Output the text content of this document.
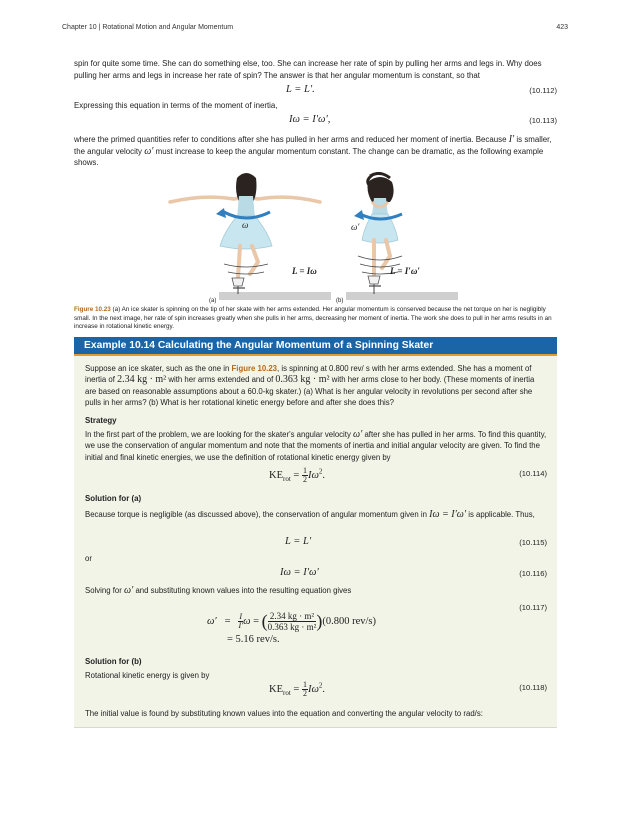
Chapter 10 | Rotational Motion and Angular Momentum	423
spin for quite some time. She can do something else, too. She can increase her rate of spin by pulling her arms and legs in. Why does pulling her arms and legs in increase her rate of spin? The answer is that her angular momentum is constant, so that
L = L′.	(10.112)
Expressing this equation in terms of the moment of inertia,
Iω = I′ω′,	(10.113)
where the primed quantities refer to conditions after she has pulled in her arms and reduced her moment of inertia. Because I′ is smaller, the angular velocity ω′ must increase to keep the angular momentum constant. The change can be dramatic, as the following example shows.
ω
L = Iω
(a)
ω′
L = I′ω′
(b)
Figure 10.23 (a) An ice skater is spinning on the tip of her skate with her arms extended. Her angular momentum is conserved because the net torque on her is negligibly small. In the next image, her rate of spin increases greatly when she pulls in her arms, decreasing her moment of inertia. The work she does to pull in her arms results in an increase in rotational kinetic energy.
Example 10.14 Calculating the Angular Momentum of a Spinning Skater
Suppose an ice skater, such as the one in Figure 10.23, is spinning at 0.800 rev/ s with her arms extended. She has a moment of inertia of 2.34 kg · m² with her arms extended and of 0.363 kg · m² with her arms close to her body. (These moments of inertia are based on reasonable assumptions about a 60.0-kg skater.) (a) What is her angular velocity in revolutions per second after she pulls in her arms? (b) What is her rotational kinetic energy before and after she does this?
Strategy
In the first part of the problem, we are looking for the skater's angular velocity ω′ after she has pulled in her arms. To find this quantity, we use the conservation of angular momentum and note that the moments of inertia and initial angular velocity are given. To find the initial and final kinetic energies, we use the definition of rotational kinetic energy given by
$KE_{rot} = \frac{1}{2} I\omega^2$.	(10.114)
Solution for (a)
Because torque is negligible (as discussed above), the conservation of angular momentum given in Iω = I′ω′ is applicable. Thus,
L = L′	(10.115)
or
Iω = I′ω′	(10.116)
Solving for ω′ and substituting known values into the resulting equation gives
$\omega' = \frac{I}{I'}$ ω = ( $\frac{\text{2.34 kg · m²}}{\text{0.363 kg · m²}} )(0.800$ rev/s)
(10.117)
= 5.16 rev/s.
Solution for (b)
Rotational kinetic energy is given by
$KE_{rot} = \frac{1}{2} I\omega^2$.	(10.118)
The initial value is found by substituting known values into the equation and converting the angular velocity to rad/s:
